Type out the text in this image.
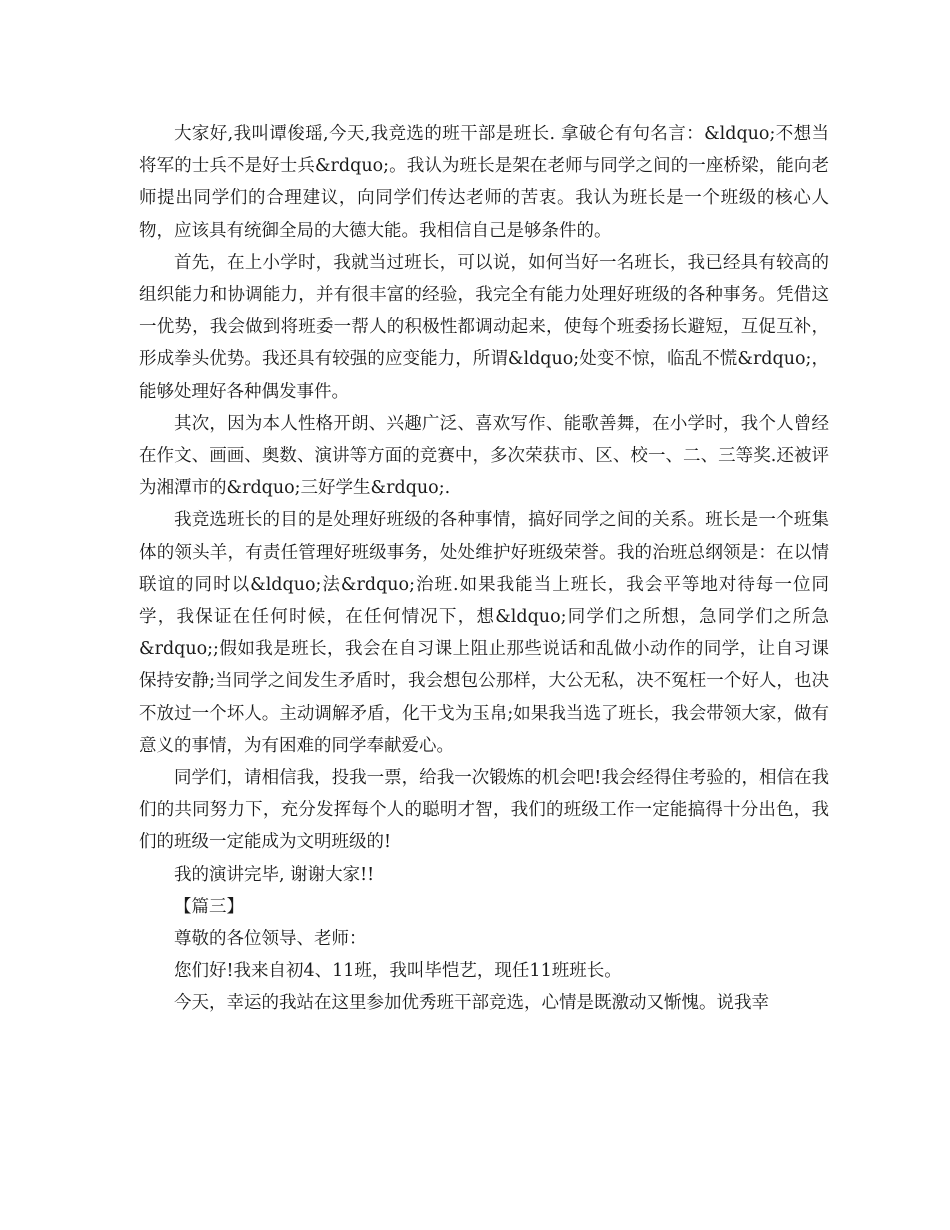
大家好,我叫谭俊瑶,今天,我竞选的班干部是班长. 拿破仑有句名言：&ldquo;不想当将军的士兵不是好士兵&rdquo;。我认为班长是架在老师与同学之间的一座桥梁，能向老师提出同学们的合理建议，向同学们传达老师的苦衷。我认为班长是一个班级的核心人物，应该具有统御全局的大德大能。我相信自己是够条件的。

首先，在上小学时，我就当过班长，可以说，如何当好一名班长，我已经具有较高的组织能力和协调能力，并有很丰富的经验，我完全有能力处理好班级的各种事务。凭借这一优势，我会做到将班委一帮人的积极性都调动起来，使每个班委扬长避短，互促互补，形成拳头优势。我还具有较强的应变能力，所谓&ldquo;处变不惊，临乱不慌&rdquo;，能够处理好各种偶发事件。

其次，因为本人性格开朗、兴趣广泛、喜欢写作、能歌善舞，在小学时，我个人曾经在作文、画画、奥数、演讲等方面的竞赛中，多次荣获市、区、校一、二、三等奖.还被评为湘潭市的&rdquo;三好学生&rdquo;.

我竞选班长的目的是处理好班级的各种事情，搞好同学之间的关系。班长是一个班集体的领头羊，有责任管理好班级事务，处处维护好班级荣誉。我的治班总纲领是：在以情联谊的同时以&ldquo;法&rdquo;治班.如果我能当上班长，我会平等地对待每一位同学，我保证在任何时候，在任何情况下，想&ldquo;同学们之所想，急同学们之所急&rdquo;;假如我是班长，我会在自习课上阻止那些说话和乱做小动作的同学，让自习课保持安静;当同学之间发生矛盾时，我会想包公那样，大公无私，决不冤枉一个好人，也决不放过一个坏人。主动调解矛盾，化干戈为玉帛;如果我当选了班长，我会带领大家，做有意义的事情，为有困难的同学奉献爱心。

同学们，请相信我，投我一票，给我一次锻炼的机会吧!我会经得住考验的，相信在我们的共同努力下，充分发挥每个人的聪明才智，我们的班级工作一定能搞得十分出色，我们的班级一定能成为文明班级的!

我的演讲完毕, 谢谢大家!!

【篇三】

尊敬的各位领导、老师：

您们好!我来自初4、11班，我叫毕恺艺，现任11班班长。

今天，幸运的我站在这里参加优秀班干部竞选，心情是既激动又惭愧。说我幸
